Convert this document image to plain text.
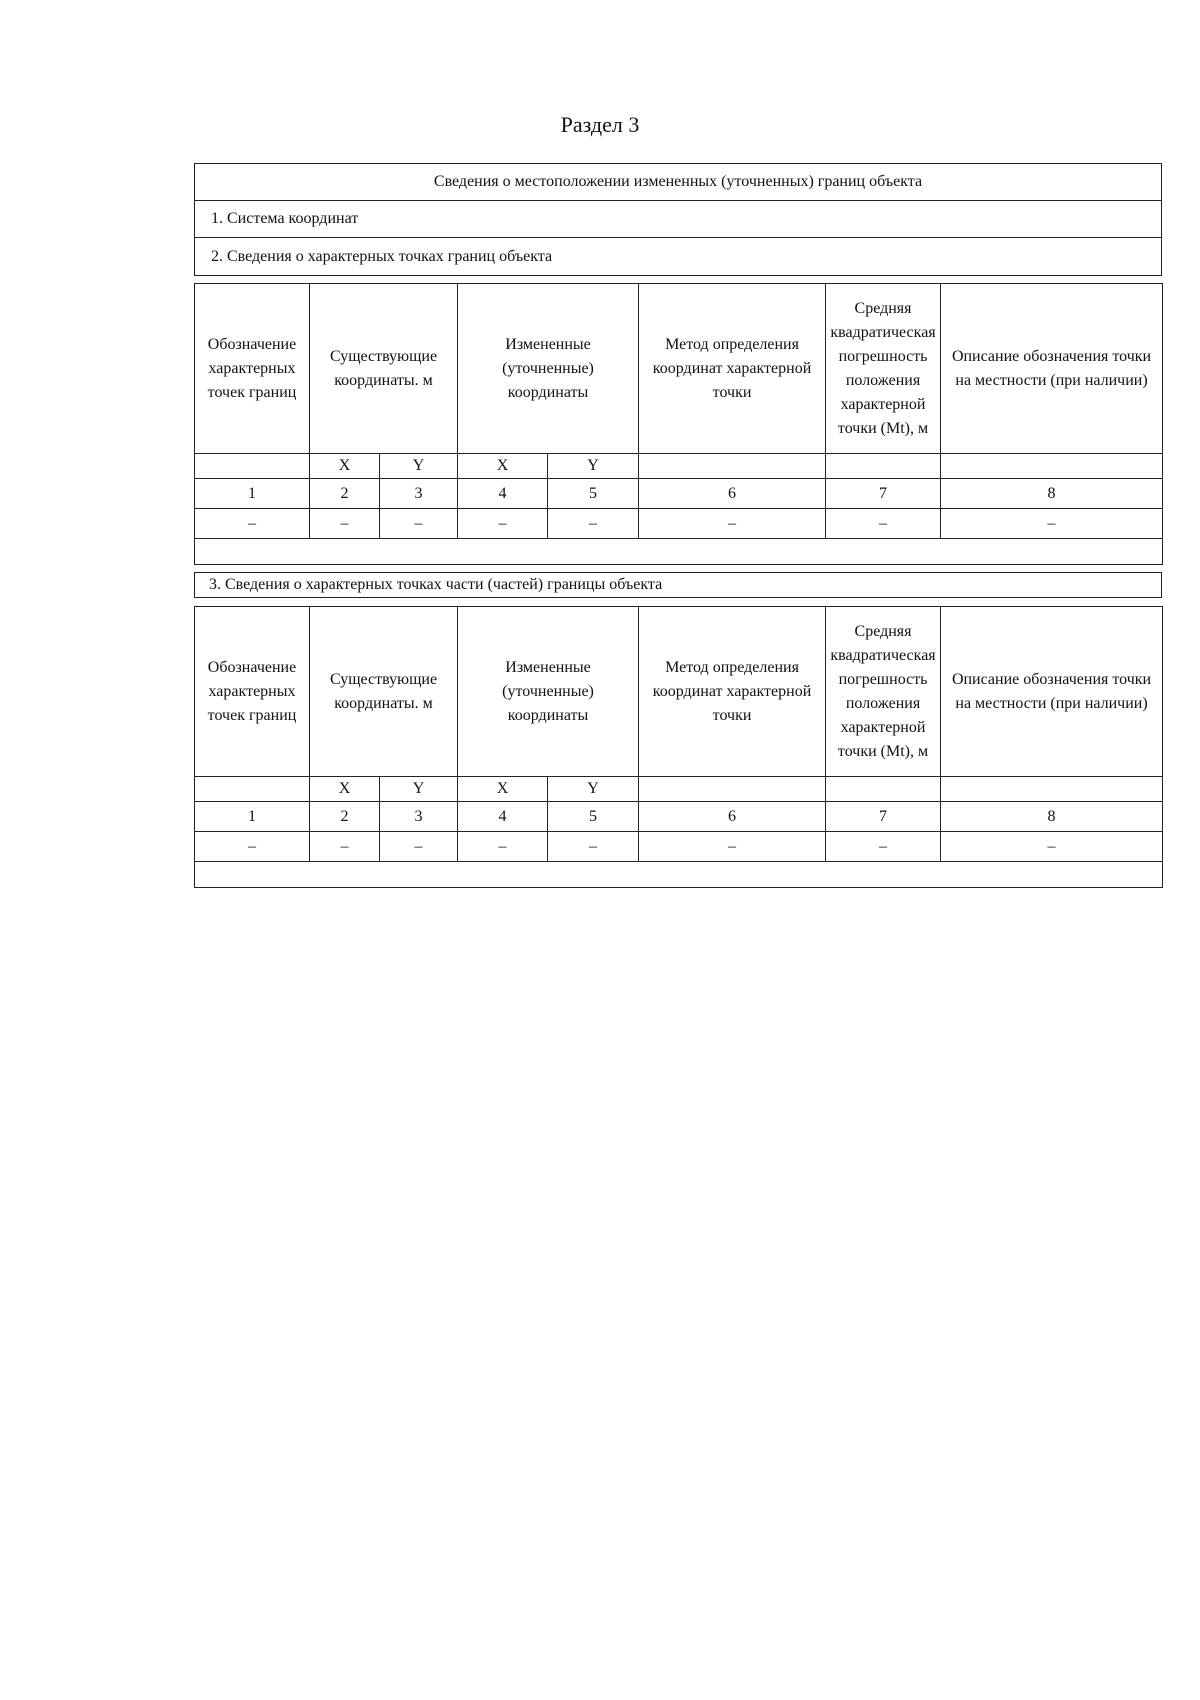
Раздел 3
Сведения о местоположении измененных (уточненных) границ объекта
1. Система координат
2. Сведения о характерных точках границ объекта
Обозначение характерных точек границ	Существующие координаты. м		Измененные (уточненные) координаты		Метод определения координат характерной точки	Средняя квадратическая погрешность положения характерной точки (Mt), м	Описание обозначения точки на местности (при наличии)
	X	Y	X	Y			
1	2	3	4	5	6	7	8
–	–	–	–	–	–	–	–

3. Сведения о характерных точках части (частей) границы объекта
Обозначение характерных точек границ	Существующие координаты. м		Измененные (уточненные) координаты		Метод определения координат характерной точки	Средняя квадратическая погрешность положения характерной точки (Mt), м	Описание обозначения точки на местности (при наличии)
	X	Y	X	Y			
1	2	3	4	5	6	7	8
–	–	–	–	–	–	–	–
